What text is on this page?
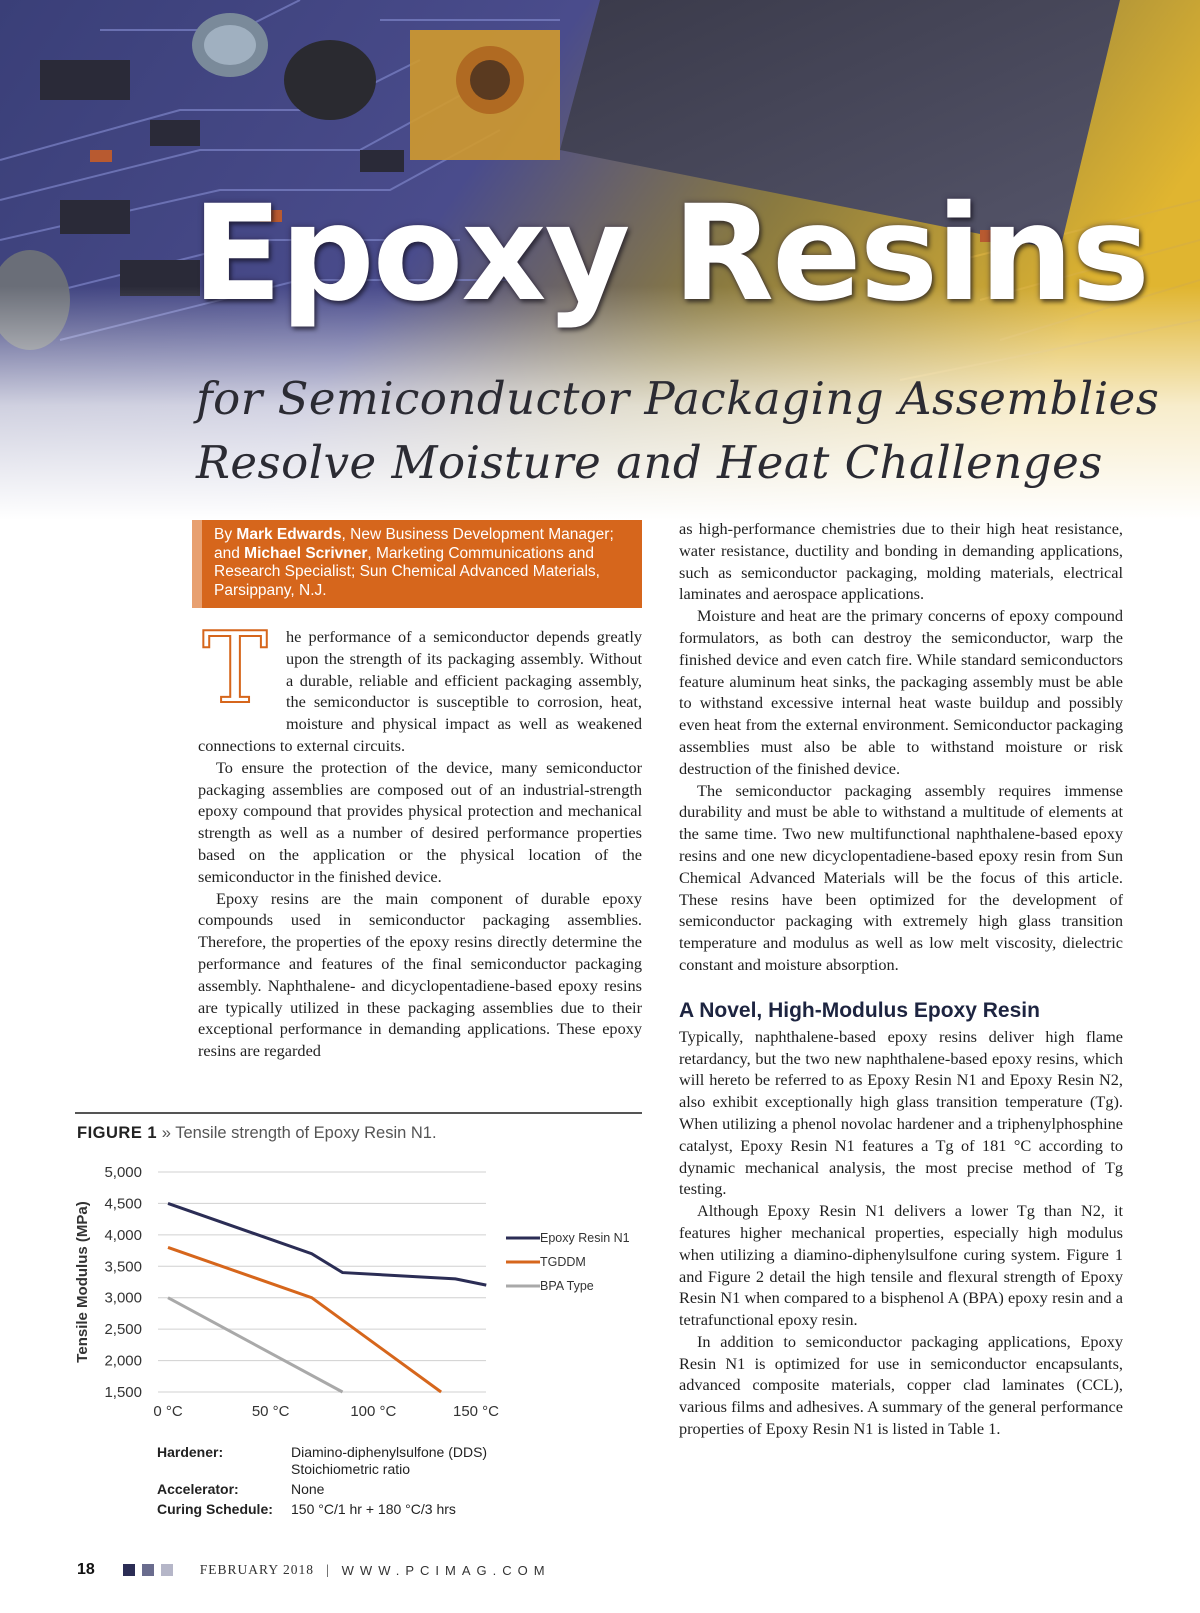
Epoxy Resins
for Semiconductor Packaging Assemblies
Resolve Moisture and Heat Challenges
By Mark Edwards, New Business Development Manager; and Michael Scrivner, Marketing Communications and Research Specialist; Sun Chemical Advanced Materials, Parsippany, N.J.

T	he performance of a semiconductor depends greatly upon the strength of its packaging assembly. Without a durable, reliable and efficient packaging assembly, the semiconductor is susceptible to corrosion, heat, moisture and physical impact as well as weakened connections to external circuits.

To ensure the protection of the device, many semiconductor packaging assemblies are composed out of an industrial-strength epoxy compound that provides physical protection and mechanical strength as well as a number of desired performance properties based on the application or the physical location of the semiconductor in the finished device.

Epoxy resins are the main component of durable epoxy compounds used in semiconductor packaging assemblies. Therefore, the properties of the epoxy resins directly determine the performance and features of the final semiconductor packaging assembly. Naphthalene- and dicyclopentadiene-based epoxy resins are typically utilized in these packaging assemblies due to their exceptional performance in demanding applications. These epoxy resins are regarded

as high-performance chemistries due to their high heat resistance, water resistance, ductility and bonding in demanding applications, such as semiconductor packaging, molding materials, electrical laminates and aerospace applications.

Moisture and heat are the primary concerns of epoxy compound formulators, as both can destroy the semiconductor, warp the finished device and even catch fire. While standard semiconductors feature aluminum heat sinks, the packaging assembly must be able to withstand excessive internal heat waste buildup and possibly even heat from the external environment. Semiconductor packaging assemblies must also be able to withstand moisture or risk destruction of the finished device.

The semiconductor packaging assembly requires immense durability and must be able to withstand a multitude of elements at the same time. Two new multifunctional naphthalene-based epoxy resins and one new dicyclopentadiene-based epoxy resin from Sun Chemical Advanced Materials will be the focus of this article. These resins have been optimized for the development of semiconductor packaging with extremely high glass transition temperature and modulus as well as low melt viscosity, dielectric constant and moisture absorption.

A Novel, High-Modulus Epoxy Resin

Typically, naphthalene-based epoxy resins deliver high flame retardancy, but the two new naphthalene-based epoxy resins, which will hereto be referred to as Epoxy Resin N1 and Epoxy Resin N2, also exhibit exceptionally high glass transition temperature (Tg). When utilizing a phenol novolac hardener and a triphenylphosphine catalyst, Epoxy Resin N1 features a Tg of 181 °C according to dynamic mechanical analysis, the most precise method of Tg testing.

Although Epoxy Resin N1 delivers a lower Tg than N2, it features higher mechanical properties, especially high modulus when utilizing a diamino-diphenylsulfone curing system. Figure 1 and Figure 2 detail the high tensile and flexural strength of Epoxy Resin N1 when compared to a bisphenol A (BPA) epoxy resin and a tetrafunctional epoxy resin.

In addition to semiconductor packaging applications, Epoxy Resin N1 is optimized for use in semiconductor encapsulants, advanced composite materials, copper clad laminates (CCL), various films and adhesives. A summary of the general performance properties of Epoxy Resin N1 is listed in Table 1.

FIGURE 1 » Tensile strength of Epoxy Resin N1.
5,000
4,500
4,000
3,500
3,000
2,500
2,000
1,500
0 °C	50 °C	100 °C	150 °C
Tensile Modulus (MPa)	Epoxy Resin N1
TGDDM
BPA Type
Hardener:	Diamino-diphenylsulfone (DDS)
Stoichiometric ratio
Accelerator:	None
Curing Schedule:	150 °C/1 hr + 180 °C/3 hrs
18	FEBRUARY 2018 | WWW.PCIMAG.COM
